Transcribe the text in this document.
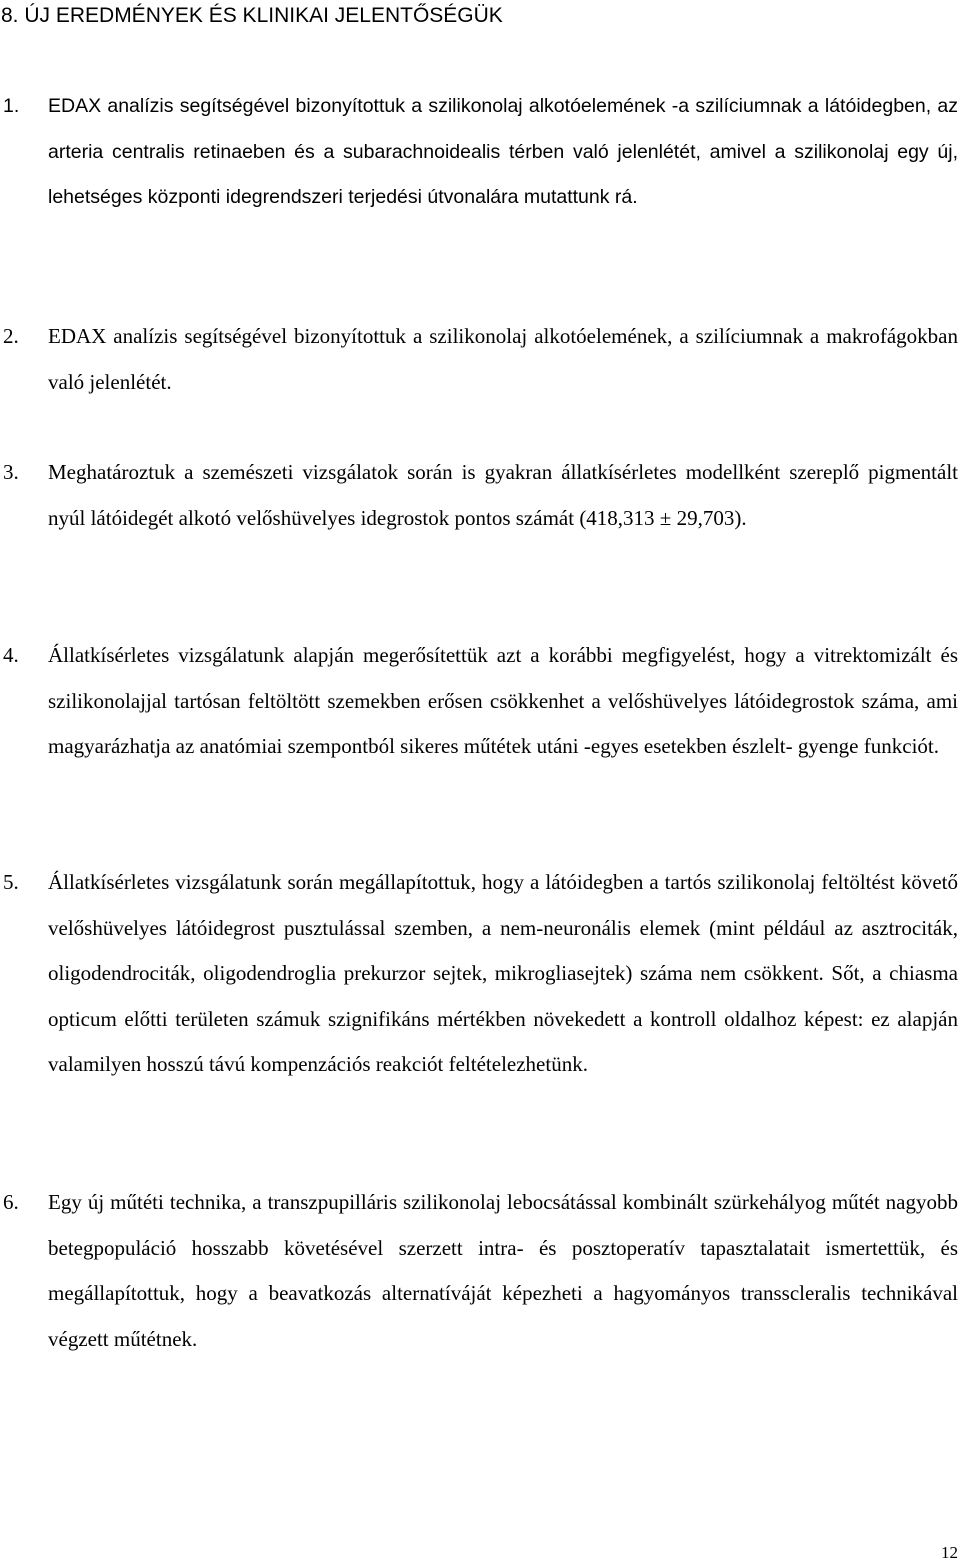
8. ÚJ EREDMÉNYEK ÉS KLINIKAI JELENTŐSÉGÜK
1. EDAX analízis segítségével bizonyítottuk a szilikonolaj alkotóelemének -a szilíciumnak a látóidegben, az arteria centralis retinaeben és a subarachnoidealis térben való jelenlétét, amivel a szilikonolaj egy új, lehetséges központi idegrendszeri terjedési útvonalára mutattunk rá.
2. EDAX analízis segítségével bizonyítottuk a szilikonolaj alkotóelemének, a szilíciumnak a makrofágokban való jelenlétét.
3. Meghatároztuk a szemészeti vizsgálatok során is gyakran állatkísérletes modellként szereplő pigmentált nyúl látóidegét alkotó velőshüvelyes idegrostok pontos számát (418,313 ± 29,703).
4. Állatkísérletes vizsgálatunk alapján megerősítettük azt a korábbi megfigyelést, hogy a vitrektomizált és szilikonolajjal tartósan feltöltött szemekben erősen csökkenhet a velőshüvelyes látóidegrostok száma, ami magyarázhatja az anatómiai szempontból sikeres műtétek utáni -egyes esetekben észlelt- gyenge funkciót.
5. Állatkísérletes vizsgálatunk során megállapítottuk, hogy a látóidegben a tartós szilikonolaj feltöltést követő velőshüvelyes látóidegrost pusztulással szemben, a nem-neuronális elemek (mint például az asztrociták, oligodendrociták, oligodendroglia prekurzor sejtek, mikrogliasejtek) száma nem csökkent. Sőt, a chiasma opticum előtti területen számuk szignifikáns mértékben növekedett a kontroll oldalhoz képest: ez alapján valamilyen hosszú távú kompenzációs reakciót feltételezhetünk.
6. Egy új műtéti technika, a transzpupilláris szilikonolaj lebocsátással kombinált szürkehályog műtét nagyobb betegpopuláció hosszabb követésével szerzett intra- és posztoperatív tapasztalatait ismertettük, és megállapítottuk, hogy a beavatkozás alternatíváját képezheti a hagyományos transscleralis technikával végzett műtétnek.
12
